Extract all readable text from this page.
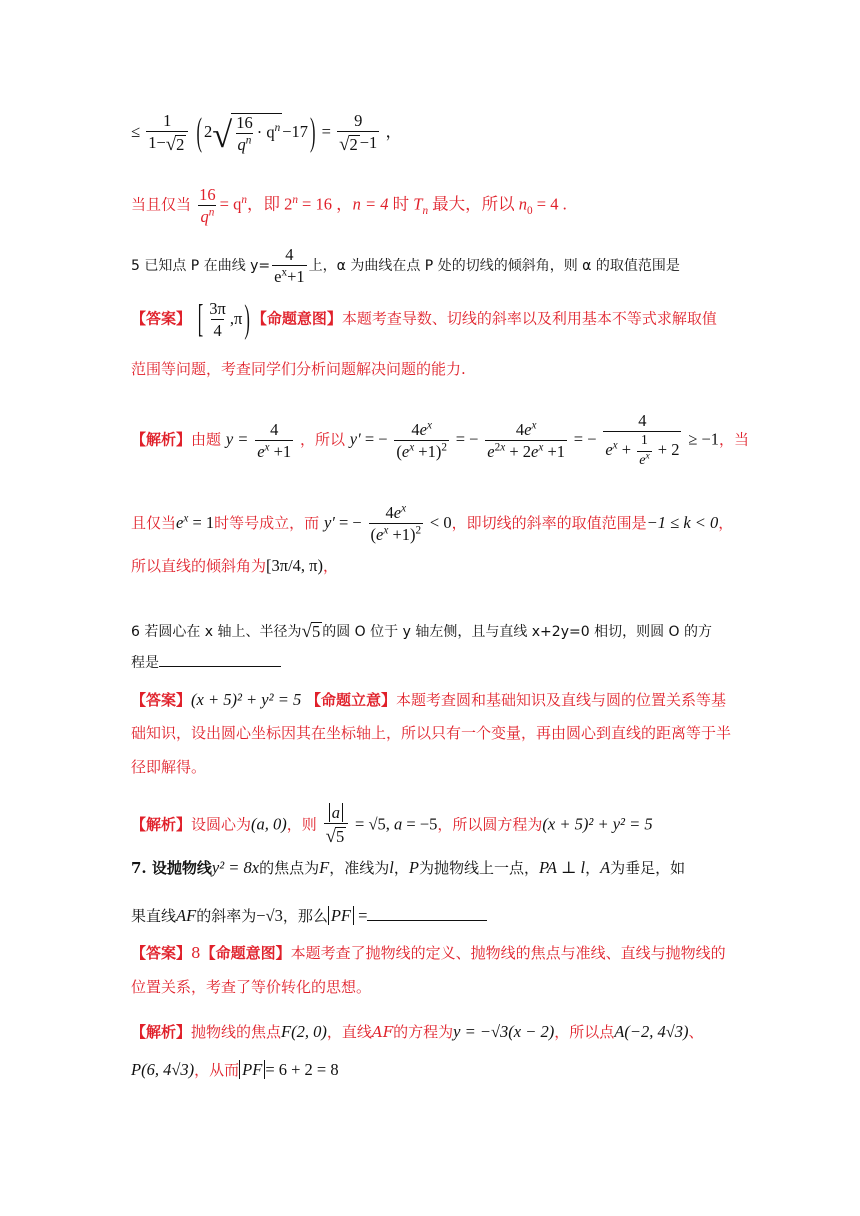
≤ $\frac{1}{1- √ 2}$ ( 2 √ $\frac{16}{q^n} \cdot q^n -17$ ) = $\frac{9}{√ 2 -1}$ ，
当且仅当 $\frac{16}{q^n} = q^n$，即 $2^n = 16$ ，n = 4 时 $T_n$ 最大，所以 $n_0 = 4$ .
5 已知点 P 在曲线 $y= \frac{4}{e^x+1}$ 上，α 为曲线在点 P 处的切线的倾斜角，则 α 的取值范围是
【答案】 [ $\frac{3\pi}{4} ,\pi$ ) 【命题意图】本题考查导数、切线的斜率以及利用基本不等式求解取值
范围等问题，考查同学们分析问题解决问题的能力.
【解析】由题 $y = \frac{4}{e^x +1}$ ，所以 y′ = − $\frac{4e^x}{(e^x +1)^2}$ = − $\frac{4e^x}{e^{2x} + 2e^x +1}$ = − $\frac{4}{e^x + \frac{1}{e^x} + 2} \ge -1$，当
且仅当$e^x = 1$时等号成立，而 y′ = − $\frac{4e^x}{(e^x +1)^2} < 0$，即切线的斜率的取值范围是−1 ≤ k < 0，
所以直线的倾斜角为[3π/4, π)，
6 若圆心在 x 轴上、半径为 √ 5 的圆 O 位于 y 轴左侧，且与直线 x+2y=0 相切，则圆 O 的方
程是
【答案】(x + 5)² + y² = 5 【命题立意】本题考查圆和基础知识及直线与圆的位置关系等基
础知识，设出圆心坐标因其在坐标轴上，所以只有一个变量，再由圆心到直线的距离等于半
径即解得。
【解析】设圆心为(a, 0)，则 $\frac{a}{√ 5} = √5$, a = −5，所以圆方程为(x + 5)² + y² = 5
7. 设抛物线y² = 8x的焦点为F，准线为l，P为抛物线上一点，PA ⊥ l，A为垂足，如
果直线AF的斜率为−√3，那么 PF =
【答案】8【命题意图】本题考查了抛物线的定义、抛物线的焦点与准线、直线与抛物线的
位置关系，考查了等价转化的思想。
【解析】抛物线的焦点F(2, 0)，直线AF的方程为y = −√3(x − 2)，所以点A(−2, 4√3)、
P(6, 4√3)，从而 PF = 6 + 2 = 8
